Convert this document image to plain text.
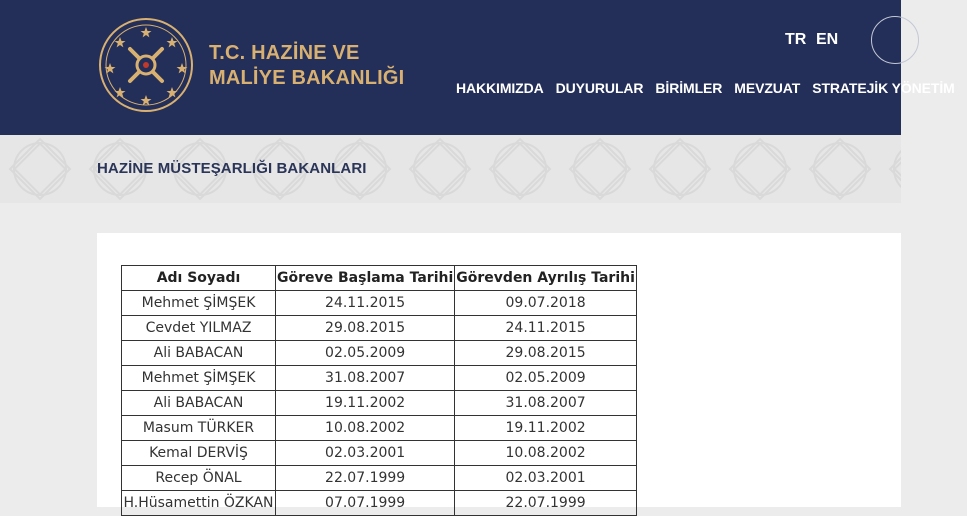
T.C. HAZİNE VE
MALİYE BAKANLIĞI
TR EN
HAKKIMIZDA DUYURULAR BİRİMLER MEVZUAT STRATEJİK YÖNETİM
HAZİNE MÜSTEŞARLIĞI BAKANLARI
Adı Soyadı	Göreve Başlama Tarihi	Görevden Ayrılış Tarihi
Mehmet ŞİMŞEK	24.11.2015	09.07.2018
Cevdet YILMAZ	29.08.2015	24.11.2015
Ali BABACAN	02.05.2009	29.08.2015
Mehmet ŞİMŞEK	31.08.2007	02.05.2009
Ali BABACAN	19.11.2002	31.08.2007
Masum TÜRKER	10.08.2002	19.11.2002
Kemal DERVİŞ	02.03.2001	10.08.2002
Recep ÖNAL	22.07.1999	02.03.2001
H.Hüsamettin ÖZKAN	07.07.1999	22.07.1999
